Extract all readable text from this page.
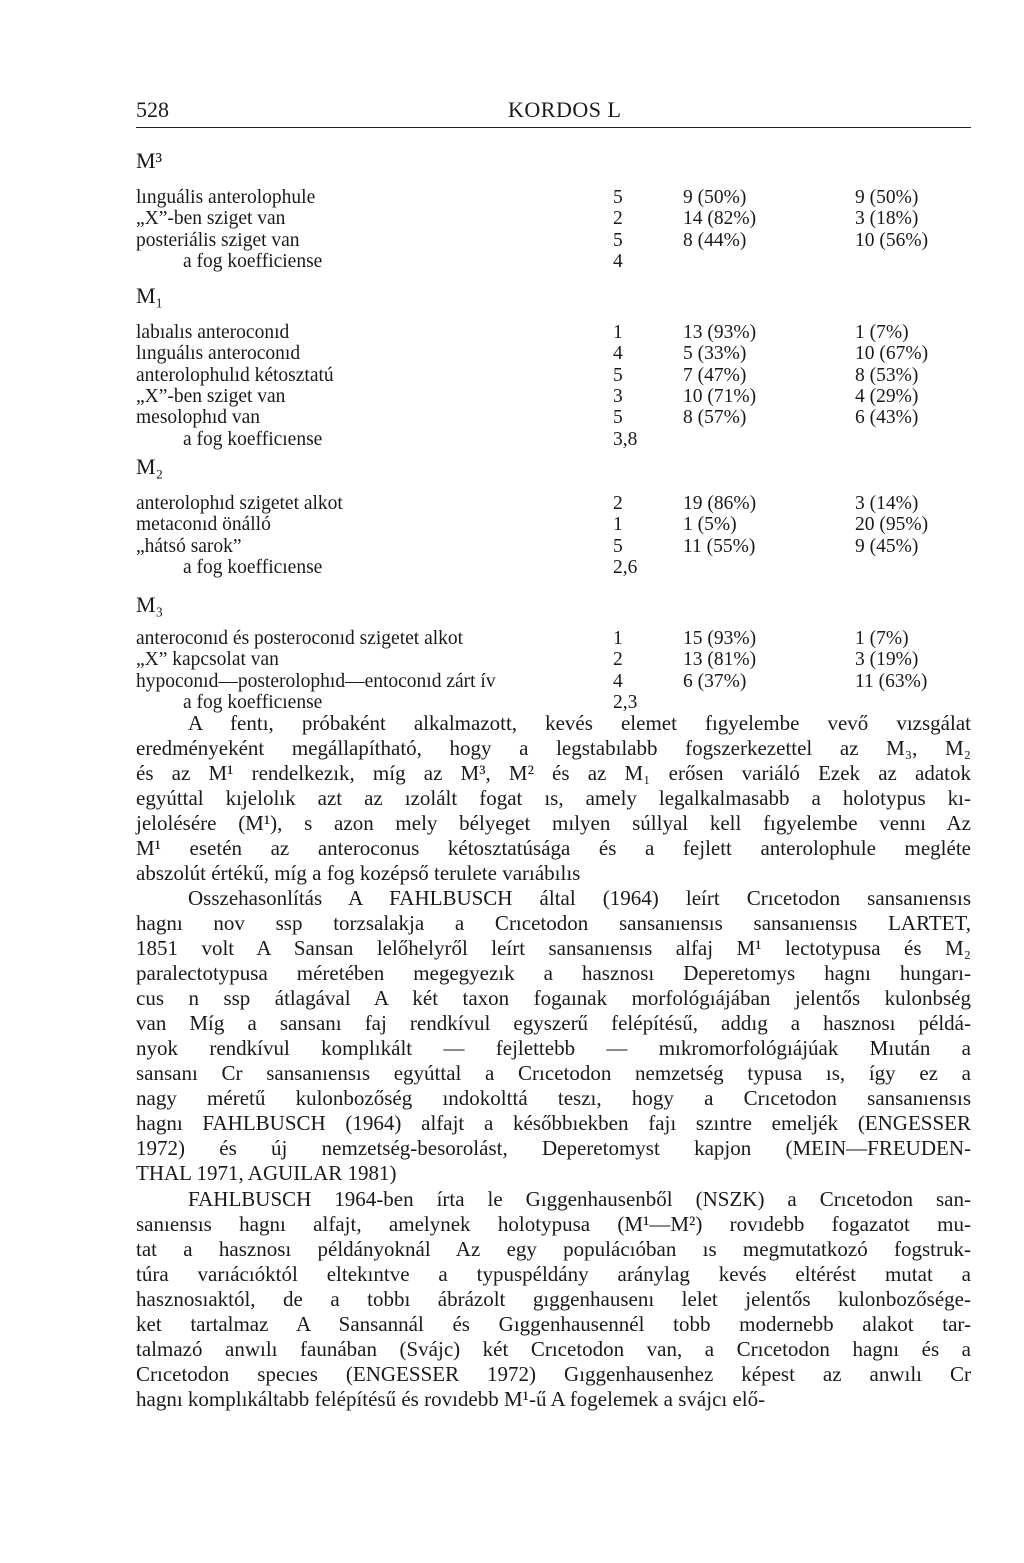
528	KORDOS L
M³
lınguális anterolophule	5	9 (50%)	9 (50%)
„X”-ben sziget van	2	14 (82%)	3 (18%)
posteriális sziget van	5	8 (44%)	10 (56%)
a fog koefficiense	4
M₁
labıalıs anteroconıd	1	13 (93%)	1 (7%)
lınguálıs anteroconıd	4	5 (33%)	10 (67%)
anterolophulıd kétosztatú	5	7 (47%)	8 (53%)
„X”-ben sziget van	3	10 (71%)	4 (29%)
mesolophıd van	5	8 (57%)	6 (43%)
a fog koefficıense	3,8
M₂
anterolophıd szigetet alkot	2	19 (86%)	3 (14%)
metaconıd önálló	1	1 (5%)	20 (95%)
„hátsó sarok”	5	11 (55%)	9 (45%)
a fog koefficıense	2,6
M₃
anteroconıd és posteroconıd szigetet alkot	1	15 (93%)	1 (7%)
„X” kapcsolat van	2	13 (81%)	3 (19%)
hypoconıd—posterolophıd—entoconıd zárt ív	4	6 (37%)	11 (63%)
a fog koefficıense	2,3
A fentı, próbaként alkalmazott, kevés elemet fıgyelembe vevő vızsgálat
eredményeként megállapítható, hogy a legstabılabb fogszerkezettel az M₃, M₂
és az M¹ rendelkezık, míg az M³, M² és az M₁ erősen variáló Ezek az adatok
egyúttal kıjelolık azt az ızolált fogat ıs, amely legalkalmasabb a holotypus kı-
jelolésére (M¹), s azon mely bélyeget mılyen súllyal kell fıgyelembe vennı Az
M¹ esetén az anteroconus kétosztatúsága és a fejlett anterolophule megléte
abszolút értékű, míg a fog kozépső terulete varıábılıs
Osszehasonlítás A FAHLBUSCH által (1964) leírt Crıcetodon sansanıensıs
hagnı nov ssp torzsalakja a Crıcetodon sansanıensıs sansanıensıs LARTET,
1851 volt A Sansan lelőhelyről leírt sansanıensıs alfaj M¹ lectotypusa és M₂
paralectotypusa méretében megegyezık a hasznosı Deperetomys hagnı hungarı-
cus n ssp átlagával A két taxon fogaınak morfológıájában jelentős kulonbség
van Míg a sansanı faj rendkívul egyszerű felépítésű, addıg a hasznosı példá-
nyok rendkívul komplıkált — fejlettebb — mıkromorfológıájúak Mıután a
sansanı Cr sansanıensıs egyúttal a Crıcetodon nemzetség typusa ıs, így ez a
nagy méretű kulonbozőség ındokolttá teszı, hogy a Crıcetodon sansanıensıs
hagnı FAHLBUSCH (1964) alfajt a későbbıekben fajı szıntre emeljék (ENGESSER
1972) és új nemzetség-besorolást, Deperetomyst kapjon (MEIN—FREUDEN-
THAL 1971, AGUILAR 1981)
FAHLBUSCH 1964-ben írta le Gıggenhausenből (NSZK) a Crıcetodon san-
sanıensıs hagnı alfajt, amelynek holotypusa (M¹—M²) rovıdebb fogazatot mu-
tat a hasznosı példányoknál Az egy populácıóban ıs megmutatkozó fogstruk-
túra varıácıóktól eltekıntve a typuspéldány aránylag kevés eltérést mutat a
hasznosıaktól, de a tobbı ábrázolt gıggenhausenı lelet jelentős kulonbozősége-
ket tartalmaz A Sansannál és Gıggenhausennél tobb modernebb alakot tar-
talmazó anwılı faunában (Svájc) két Crıcetodon van, a Crıcetodon hagnı és a
Crıcetodon specıes (ENGESSER 1972) Gıggenhausenhez képest az anwılı Cr
hagnı komplıkáltabb felépítésű és rovıdebb M¹-ű A fogelemek a svájcı elő-
